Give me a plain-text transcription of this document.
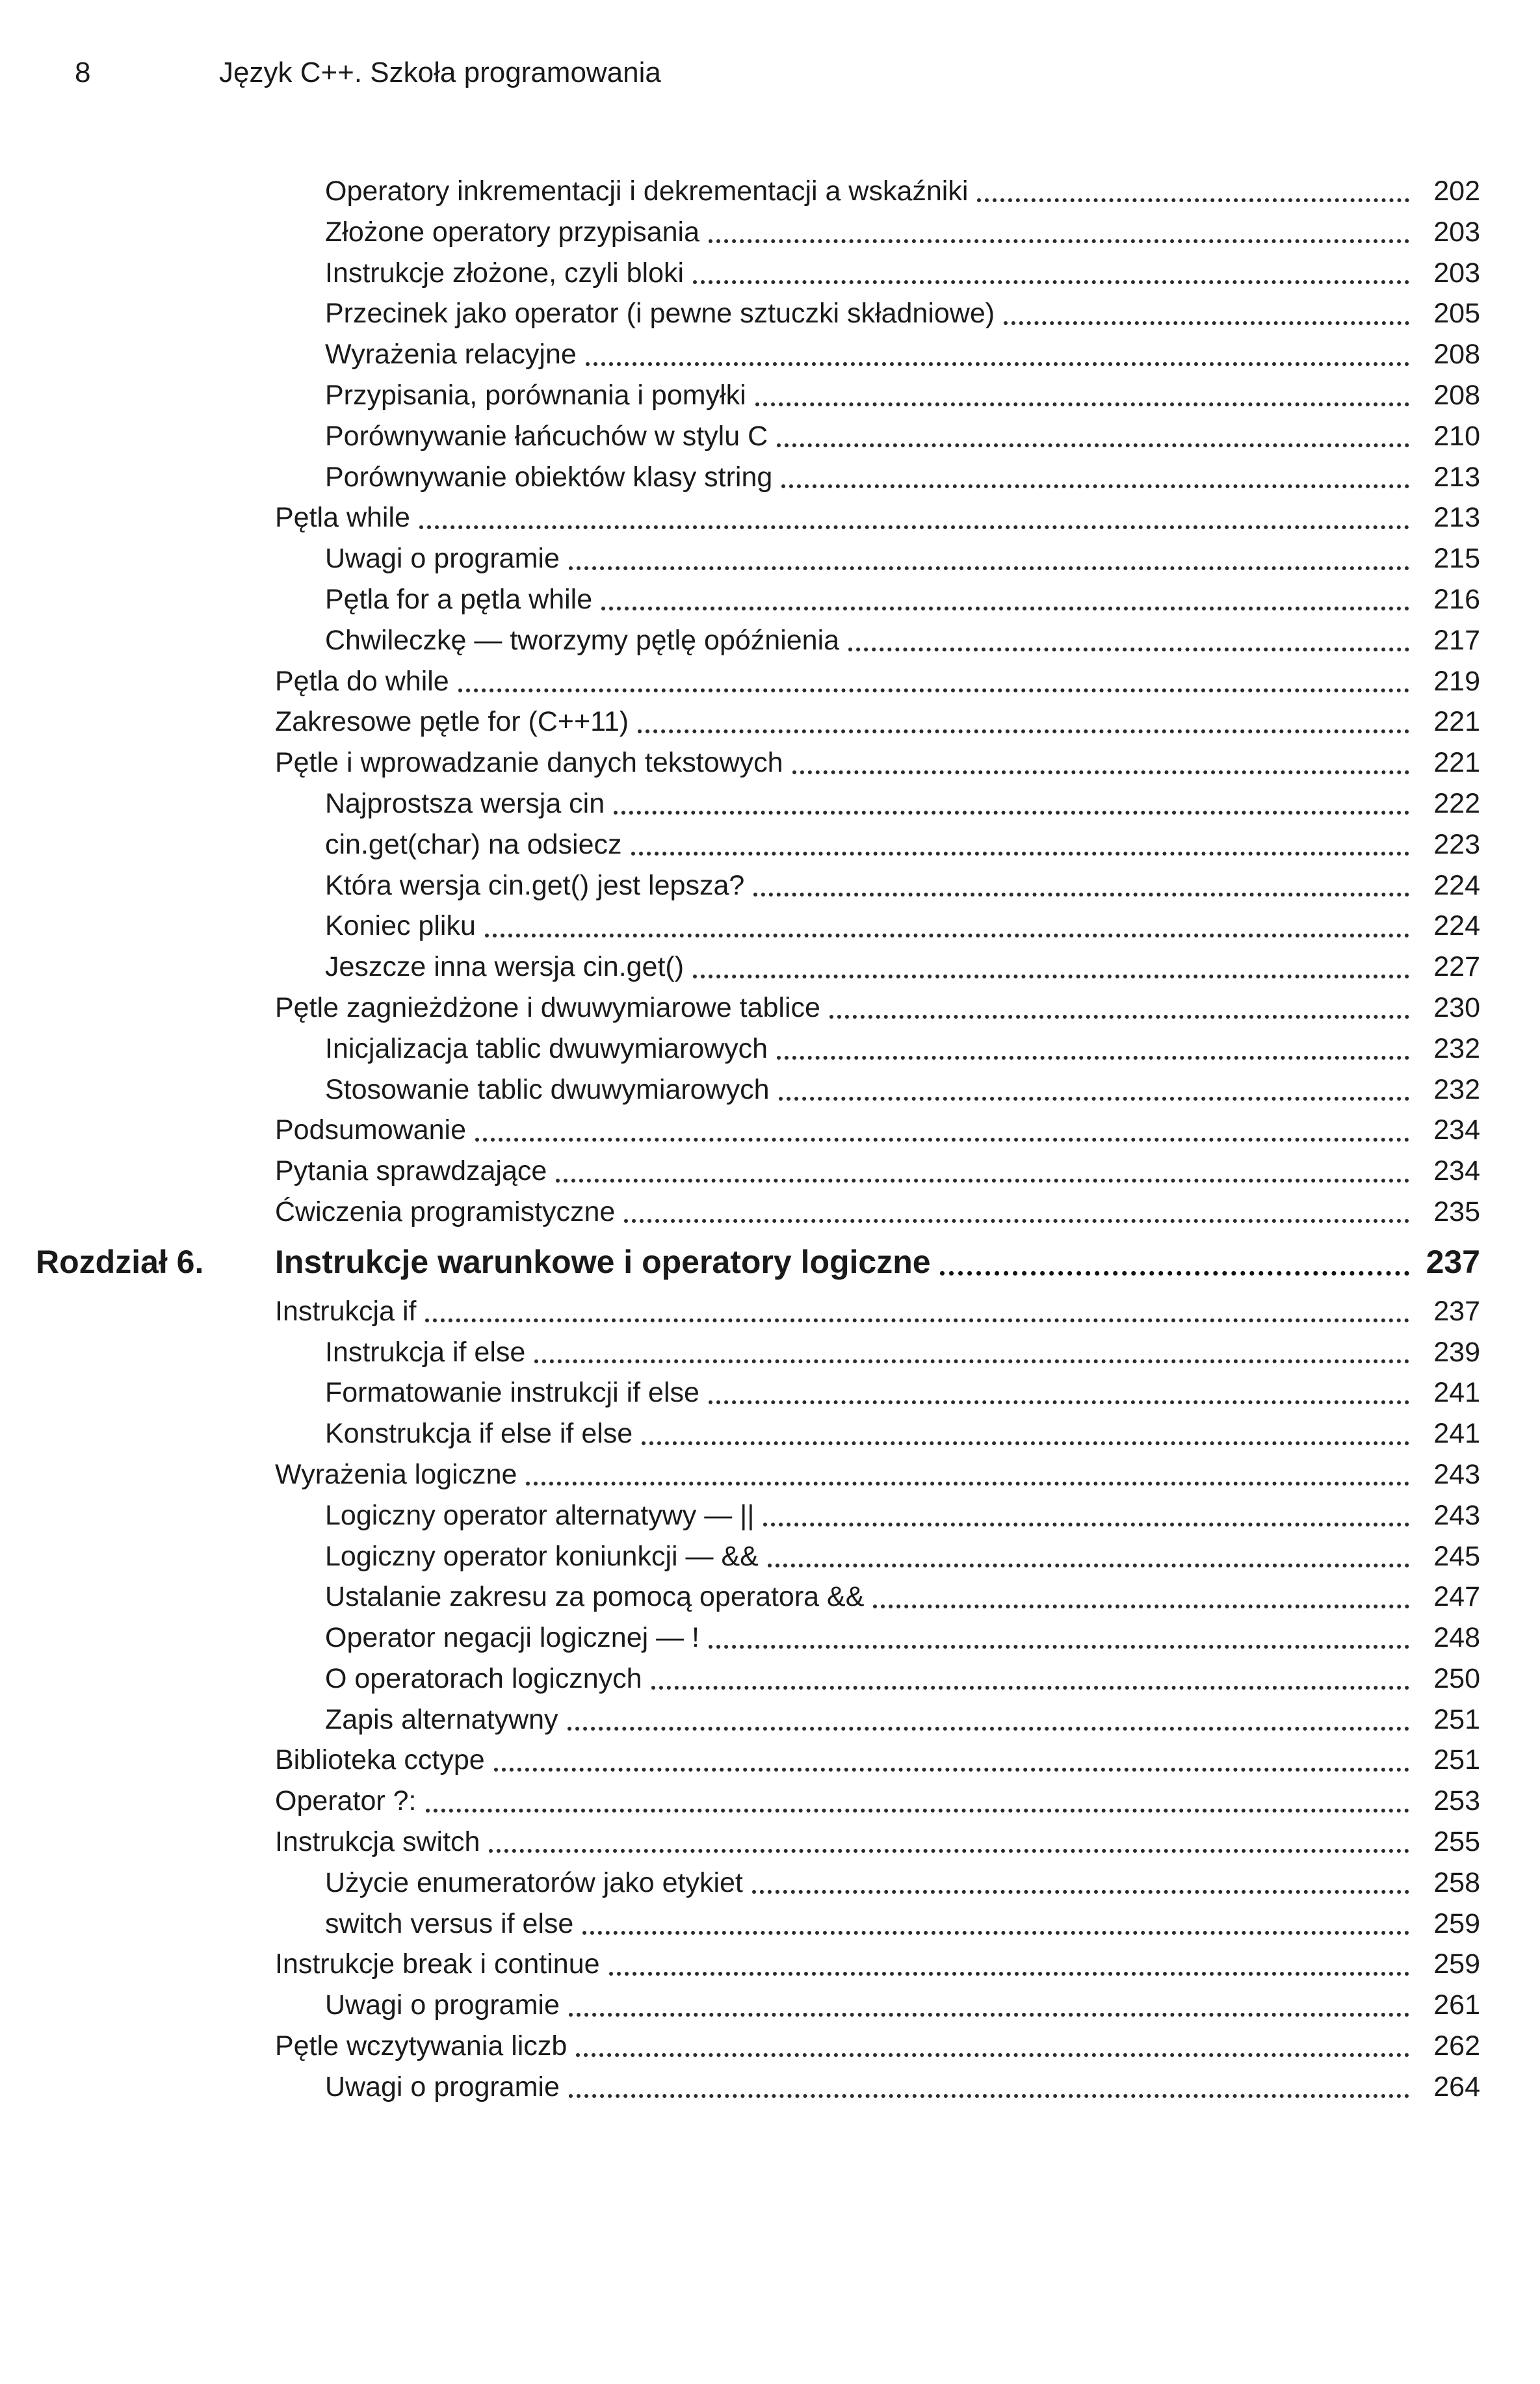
8	Język C++. Szkoła programowania
Operatory inkrementacji i dekrementacji a wskaźniki	202
Złożone operatory przypisania	203
Instrukcje złożone, czyli bloki	203
Przecinek jako operator (i pewne sztuczki składniowe)	205
Wyrażenia relacyjne	208
Przypisania, porównania i pomyłki	208
Porównywanie łańcuchów w stylu C	210
Porównywanie obiektów klasy string	213
Pętla while	213
Uwagi o programie	215
Pętla for a pętla while	216
Chwileczkę — tworzymy pętlę opóźnienia	217
Pętla do while	219
Zakresowe pętle for (C++11)	221
Pętle i wprowadzanie danych tekstowych	221
Najprostsza wersja cin	222
cin.get(char) na odsiecz	223
Która wersja cin.get() jest lepsza?	224
Koniec pliku	224
Jeszcze inna wersja cin.get()	227
Pętle zagnieżdżone i dwuwymiarowe tablice	230
Inicjalizacja tablic dwuwymiarowych	232
Stosowanie tablic dwuwymiarowych	232
Podsumowanie	234
Pytania sprawdzające	234
Ćwiczenia programistyczne	235
Rozdział 6. Instrukcje warunkowe i operatory logiczne	237
Instrukcja if	237
Instrukcja if else	239
Formatowanie instrukcji if else	241
Konstrukcja if else if else	241
Wyrażenia logiczne	243
Logiczny operator alternatywy — ||	243
Logiczny operator koniunkcji — &&	245
Ustalanie zakresu za pomocą operatora &&	247
Operator negacji logicznej — !	248
O operatorach logicznych	250
Zapis alternatywny	251
Biblioteka cctype	251
Operator ?:	253
Instrukcja switch	255
Użycie enumeratorów jako etykiet	258
switch versus if else	259
Instrukcje break i continue	259
Uwagi o programie	261
Pętle wczytywania liczb	262
Uwagi o programie	264
